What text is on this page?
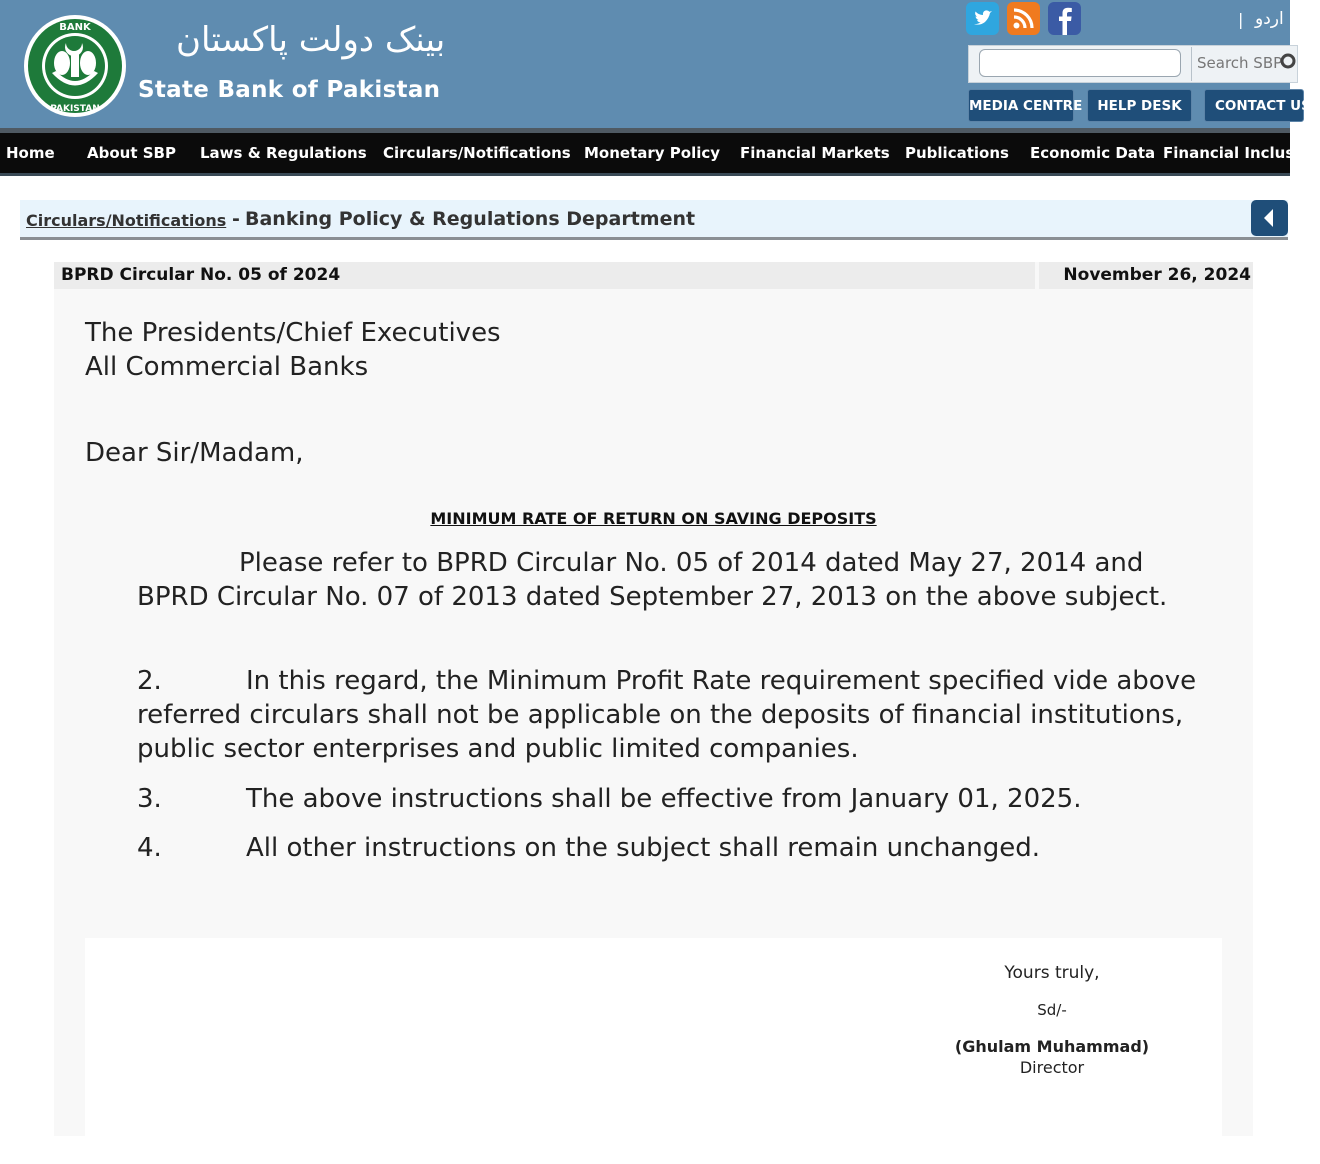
BANK
PAKISTAN
بینک دولت پاکستان
State Bank of Pakistan
| اردو
Search SBP
MEDIA CENTRE	HELP DESK	CONTACT US
Home About SBP Laws & Regulations Circulars/Notifications Monetary Policy Financial Markets Publications Economic Data Financial Inclusion
Circulars/Notifications - Banking Policy & Regulations Department
BPRD Circular No. 05 of 2024	November 26, 2024
The Presidents/Chief Executives
All Commercial Banks
Dear Sir/Madam,
MINIMUM RATE OF RETURN ON SAVING DEPOSITS
Please refer to BPRD Circular No. 05 of 2014 dated May 27, 2014 and BPRD Circular No. 07 of 2013 dated September 27, 2013 on the above subject.
2.	In this regard, the Minimum Profit Rate requirement specified vide above referred circulars shall not be applicable on the deposits of financial institutions, public sector enterprises and public limited companies.
3.	The above instructions shall be effective from January 01, 2025.
4.	All other instructions on the subject shall remain unchanged.
Yours truly,
Sd/-
(Ghulam Muhammad)
Director
